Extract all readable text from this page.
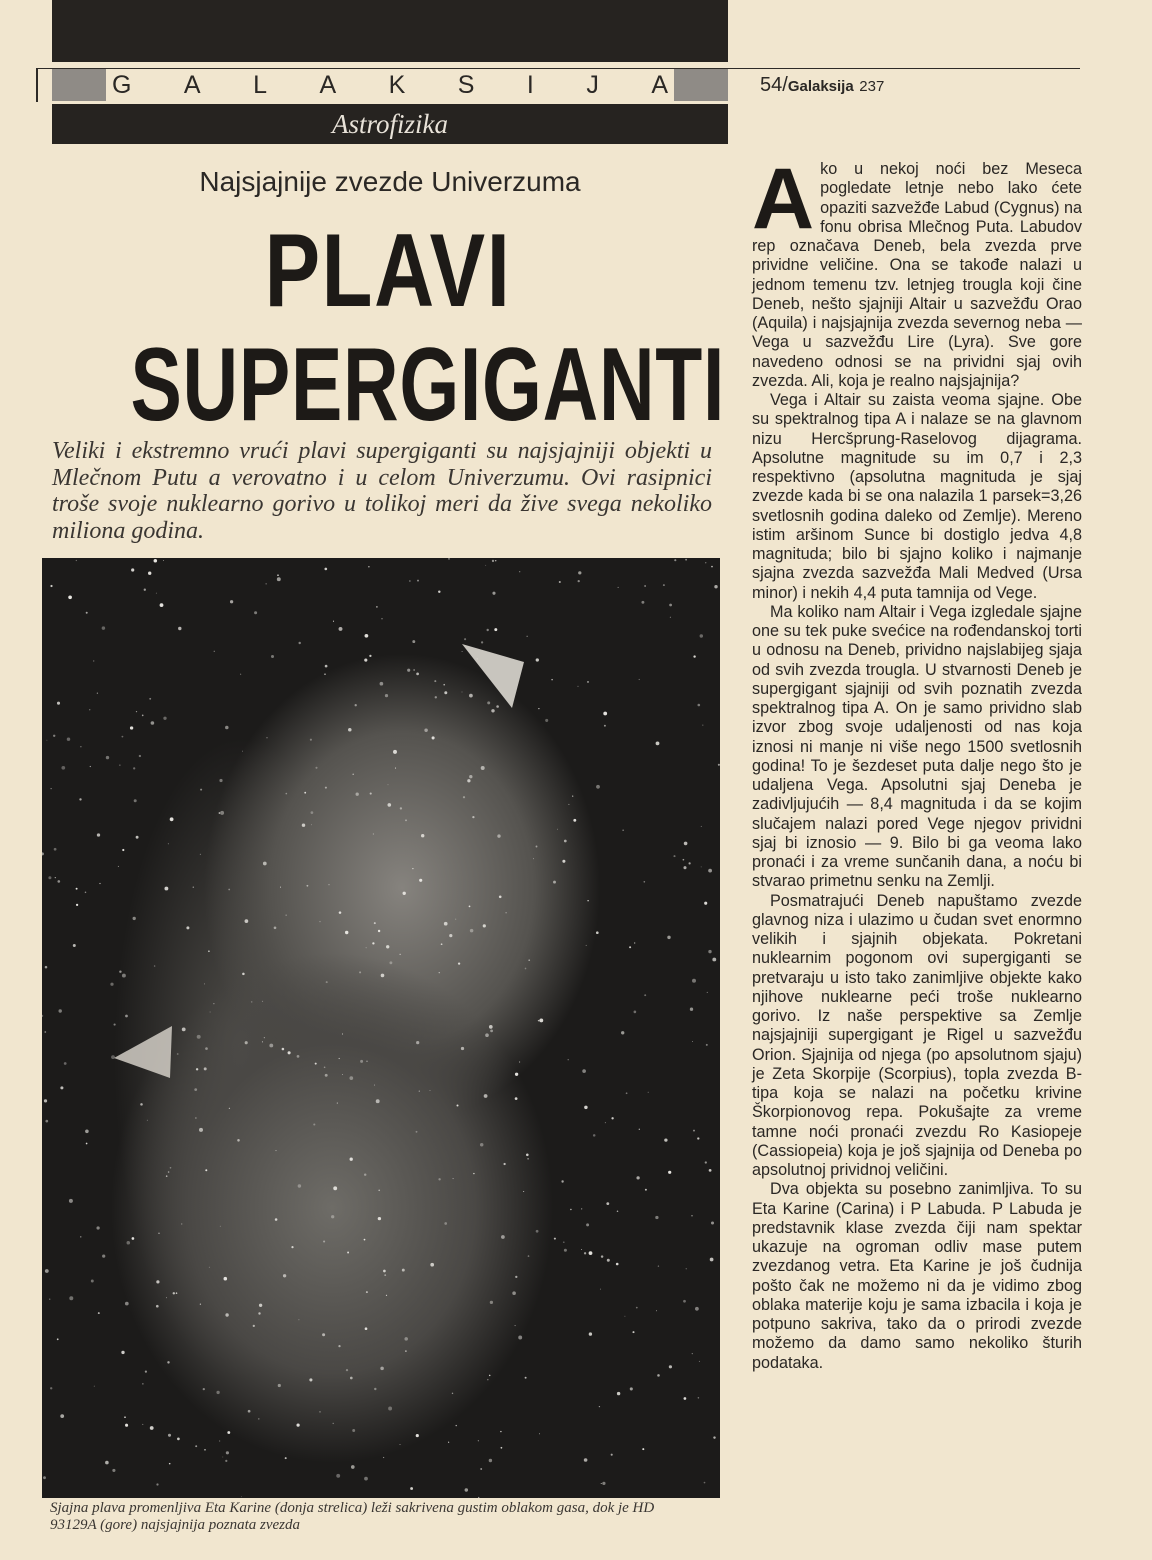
G A L A K S I J A	54/Galaksija 237
Astrofizika
Najsjajnije zvezde Univerzuma
PLAVI
SUPERGIGANTI
Veliki i ekstremno vrući plavi supergiganti su najsjajniji objekti u Mlečnom Putu a verovatno i u celom Univerzumu. Ovi rasipnici troše svoje nuklearno gorivo u tolikoj meri da žive svega nekoliko miliona godina.
Sjajna plava promenljiva Eta Karine (donja strelica) leži sakrivena gustim oblakom gasa, dok je HD 93129A (gore) najsjajnija poznata zvezda

Ako u nekoj noći bez Meseca pogledate letnje nebo lako ćete opaziti sazvežđe Labud (Cygnus) na fonu obrisa Mlečnog Puta. Labudov rep označava Deneb, bela zvezda prve prividne veličine. Ona se takođe nalazi u jednom temenu tzv. letnjeg trougla koji čine Deneb, nešto sjajniji Altair u sazvežđu Orao (Aquila) i najsjajnija zvezda severnog neba — Vega u sazvežđu Lire (Lyra). Sve gore navedeno odnosi se na prividni sjaj ovih zvezda. Ali, koja je realno najsjajnija?

Vega i Altair su zaista veoma sjajne. Obe su spektralnog tipa A i nalaze se na glavnom nizu Hercšprung-Raselovog dijagrama. Apsolutne magnitude su im 0,7 i 2,3 respektivno (apsolutna magnituda je sjaj zvezde kada bi se ona nalazila 1 parsek=3,26 svetlosnih godina daleko od Zemlje). Mereno istim aršinom Sunce bi dostiglo jedva 4,8 magnituda; bilo bi sjajno koliko i najmanje sjajna zvezda sazvežđa Mali Medved (Ursa minor) i nekih 4,4 puta tamnija od Vege.

Ma koliko nam Altair i Vega izgledale sjajne one su tek puke svećice na rođendanskoj torti u odnosu na Deneb, prividno najslabijeg sjaja od svih zvezda trougla. U stvarnosti Deneb je supergigant sjajniji od svih poznatih zvezda spektralnog tipa A. On je samo prividno slab izvor zbog svoje udaljenosti od nas koja iznosi ni manje ni više nego 1500 svetlosnih godina! To je šezdeset puta dalje nego što je udaljena Vega. Apsolutni sjaj Deneba je zadivljujućih — 8,4 magnituda i da se kojim slučajem nalazi pored Vege njegov prividni sjaj bi iznosio — 9. Bilo bi ga veoma lako pronaći i za vreme sunčanih dana, a noću bi stvarao primetnu senku na Zemlji.

Posmatrajući Deneb napuštamo zvezde glavnog niza i ulazimo u čudan svet enormno velikih i sjajnih objekata. Pokretani nuklearnim pogonom ovi supergiganti se pretvaraju u isto tako zanimljive objekte kako njihove nuklearne peći troše nuklearno gorivo. Iz naše perspektive sa Zemlje najsjajniji supergigant je Rigel u sazvežđu Orion. Sjajnija od njega (po apsolutnom sjaju) je Zeta Skorpije (Scorpius), topla zvezda B-tipa koja se nalazi na početku krivine Škorpionovog repa. Pokušajte za vreme tamne noći pronaći zvezdu Ro Kasiopeje (Cassiopeia) koja je još sjajnija od Deneba po apsolutnoj prividnoj veličini.

Dva objekta su posebno zanimljiva. To su Eta Karine (Carina) i P Labuda. P Labuda je predstavnik klase zvezda čiji nam spektar ukazuje na ogroman odliv mase putem zvezdanog vetra. Eta Karine je još čudnija pošto čak ne možemo ni da je vidimo zbog oblaka materije koju je sama izbacila i koja je potpuno sakriva, tako da o prirodi zvezde možemo da damo samo nekoliko šturih podataka.
